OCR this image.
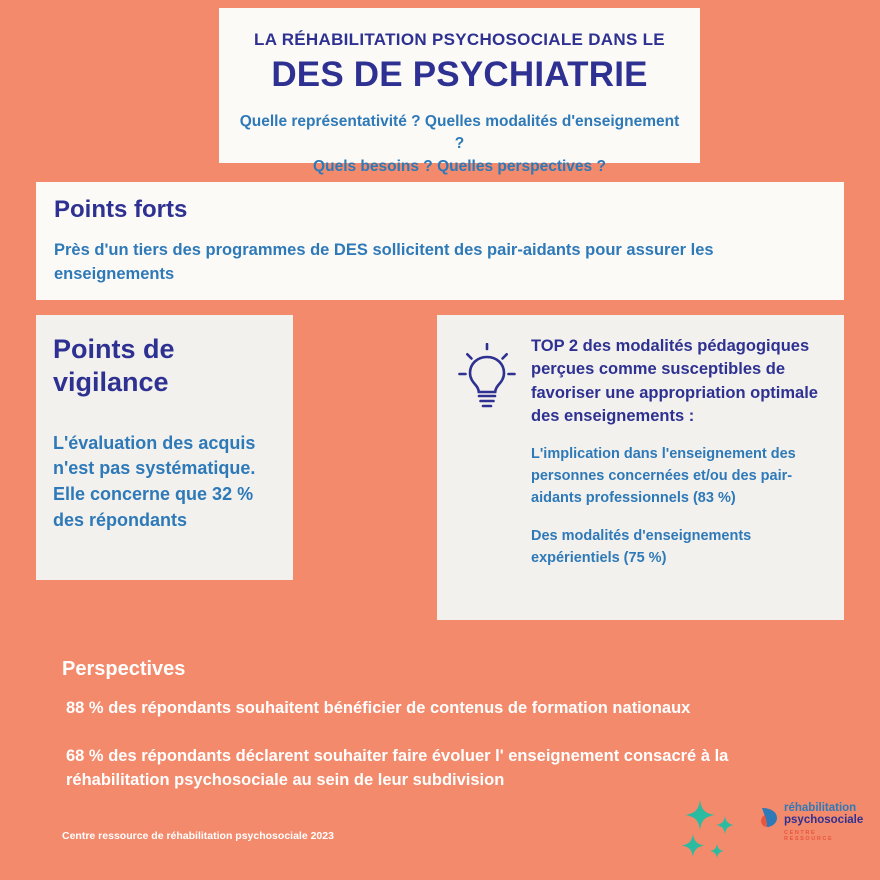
LA RÉHABILITATION PSYCHOSOCIALE DANS LE
DES DE PSYCHIATRIE
Quelle représentativité ? Quelles modalités d'enseignement ?
Quels besoins ? Quelles perspectives ?
Points forts
Près d'un tiers des programmes de DES sollicitent des pair-aidants pour assurer les enseignements
Points de vigilance
L'évaluation des acquis n'est pas systématique. Elle concerne que 32 % des répondants
TOP 2 des modalités pédagogiques perçues comme susceptibles de favoriser une appropriation optimale des enseignements :

L'implication dans l'enseignement des personnes concernées et/ou des pair-aidants professionnels (83 %)

Des modalités d'enseignements expérientiels (75 %)

Perspectives
88 % des répondants souhaitent bénéficier de contenus de formation nationaux
68 % des répondants déclarent souhaiter faire évoluer l' enseignement consacré à la réhabilitation psychosociale au sein de leur subdivision
Centre ressource de réhabilitation psychosociale 2023
réhabilitation
psychosociale
CENTRE RESSOURCE
